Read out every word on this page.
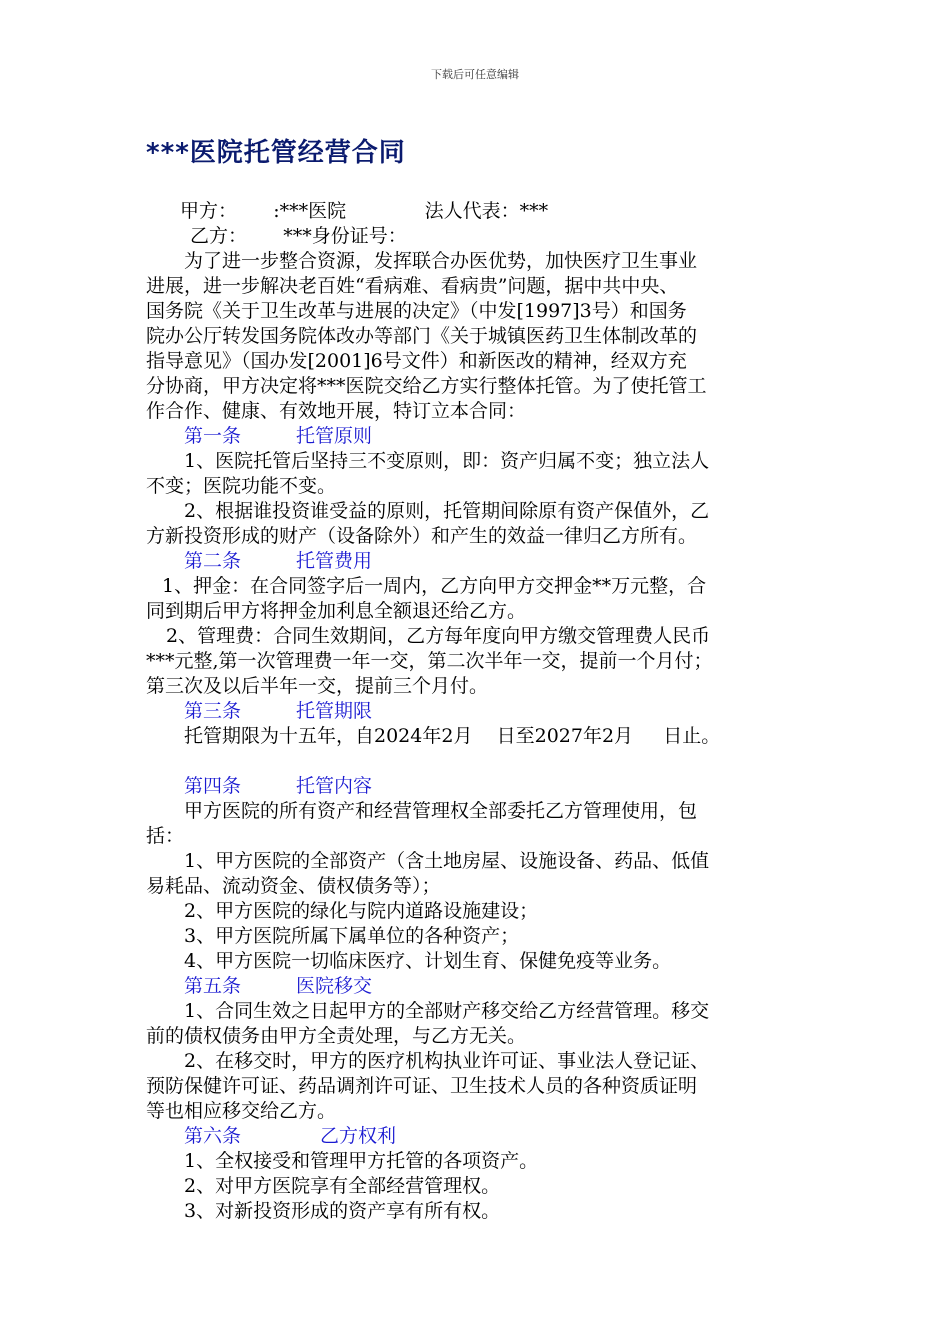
下载后可任意编辑
***医院托管经营合同
甲方：      :***医院             法人代表：***
乙方：      ***身份证号：
为了进一步整合资源，发挥联合办医优势，加快医疗卫生事业
进展，进一步解决老百姓“看病难、看病贵”问题，据中共中央、
国务院《关于卫生改革与进展的决定》（中发[1997]3号）和国务
院办公厅转发国务院体改办等部门《关于城镇医药卫生体制改革的
指导意见》（国办发[2001]6号文件）和新医改的精神，经双方充
分协商，甲方决定将***医院交给乙方实行整体托管。为了使托管工
作合作、健康、有效地开展，特订立本合同：
第一条	托管原则
1、医院托管后坚持三不变原则，即：资产归属不变；独立法人
不变；医院功能不变。
2、根据谁投资谁受益的原则，托管期间除原有资产保值外，乙
方新投资形成的财产（设备除外）和产生的效益一律归乙方所有。
第二条	托管费用
1、押金：在合同签字后一周内，乙方向甲方交押金**万元整，合
同到期后甲方将押金加利息全额退还给乙方。
2、管理费：合同生效期间，乙方每年度向甲方缴交管理费人民币
***元整,第一次管理费一年一交，第二次半年一交，提前一个月付；
第三次及以后半年一交，提前三个月付。
第三条	托管期限
托管期限为十五年，自2024年2月    日至2027年2月     日止。
第四条	托管内容
甲方医院的所有资产和经营管理权全部委托乙方管理使用，包
括：
1、甲方医院的全部资产（含土地房屋、设施设备、药品、低值
易耗品、流动资金、债权债务等）；
2、甲方医院的绿化与院内道路设施建设；
3、甲方医院所属下属单位的各种资产；
4、甲方医院一切临床医疗、计划生育、保健免疫等业务。
第五条	医院移交
1、合同生效之日起甲方的全部财产移交给乙方经营管理。移交
前的债权债务由甲方全责处理，与乙方无关。
2、在移交时，甲方的医疗机构执业许可证、事业法人登记证、
预防保健许可证、药品调剂许可证、卫生技术人员的各种资质证明
等也相应移交给乙方。
第六条	乙方权利
1、全权接受和管理甲方托管的各项资产。
2、对甲方医院享有全部经营管理权。
3、对新投资形成的资产享有所有权。
